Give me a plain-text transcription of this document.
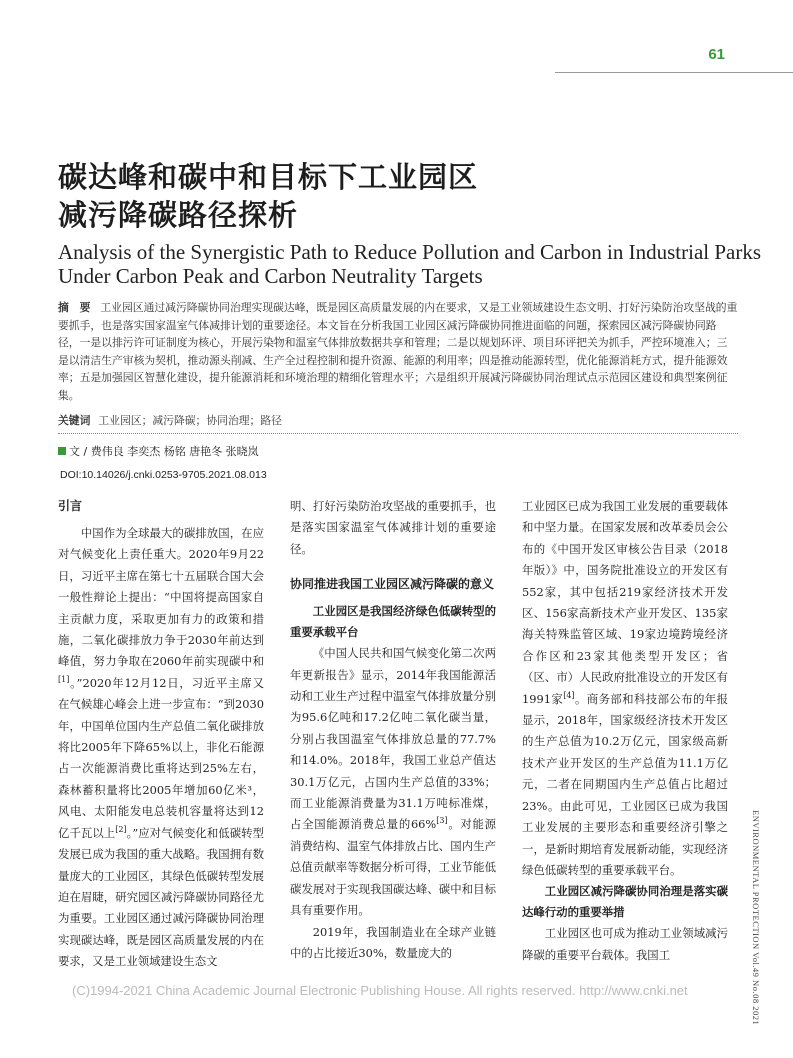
61
碳达峰和碳中和目标下工业园区
减污降碳路径探析
Analysis of the Synergistic Path to Reduce Pollution and Carbon in Industrial Parks
Under Carbon Peak and Carbon Neutrality Targets
摘　要 工业园区通过减污降碳协同治理实现碳达峰，既是园区高质量发展的内在要求，又是工业领域建设生态文明、打好污染防治攻坚战的重要抓手，也是落实国家温室气体减排计划的重要途径。本文旨在分析我国工业园区减污降碳协同推进面临的问题，探索园区减污降碳协同路径，一是以排污许可证制度为核心，开展污染物和温室气体排放数据共享和管理；二是以规划环评、项目环评把关为抓手，严控环境准入；三是以清洁生产审核为契机，推动源头削减、生产全过程控制和提升资源、能源的利用率；四是推动能源转型，优化能源消耗方式，提升能源效率；五是加强园区智慧化建设，提升能源消耗和环境治理的精细化管理水平；六是组织开展减污降碳协同治理试点示范园区建设和典型案例征集。
关键词 工业园区；减污降碳；协同治理；路径
文 / 费伟良 李奕杰 杨铭 唐艳冬 张晓岚
DOI:10.14026/j.cnki.0253-9705.2021.08.013
引言

中国作为全球最大的碳排放国，在应对气候变化上责任重大。2020年9月22日，习近平主席在第七十五届联合国大会一般性辩论上提出：“中国将提高国家自主贡献力度，采取更加有力的政策和措施，二氧化碳排放力争于2030年前达到峰值，努力争取在2060年前实现碳中和[1]。”2020年12月12日，习近平主席又在气候雄心峰会上进一步宣布：“到2030年，中国单位国内生产总值二氧化碳排放将比2005年下降65%以上，非化石能源占一次能源消费比重将达到25%左右，森林蓄积量将比2005年增加60亿米³，风电、太阳能发电总装机容量将达到12亿千瓦以上[2]。”应对气候变化和低碳转型发展已成为我国的重大战略。我国拥有数量庞大的工业园区，其绿色低碳转型发展迫在眉睫，研究园区减污降碳协同路径尤为重要。工业园区通过减污降碳协同治理实现碳达峰，既是园区高质量发展的内在要求，又是工业领域建设生态文

明、打好污染防治攻坚战的重要抓手，也是落实国家温室气体减排计划的重要途径。

协同推进我国工业园区减污降碳的意义

工业园区是我国经济绿色低碳转型的重要承载平台

《中国人民共和国气候变化第二次两年更新报告》显示，2014年我国能源活动和工业生产过程中温室气体排放量分别为95.6亿吨和17.2亿吨二氧化碳当量，分别占我国温室气体排放总量的77.7%和14.0%。2018年，我国工业总产值达30.1万亿元，占国内生产总值的33%；而工业能源消费量为31.1万吨标准煤，占全国能源消费总量的66%[3]。对能源消费结构、温室气体排放占比、国内生产总值贡献率等数据分析可得，工业节能低碳发展对于实现我国碳达峰、碳中和目标具有重要作用。

2019年，我国制造业在全球产业链中的占比接近30%，数量庞大的

工业园区已成为我国工业发展的重要载体和中坚力量。在国家发展和改革委员会公布的《中国开发区审核公告目录（2018年版）》中，国务院批准设立的开发区有552家，其中包括219家经济技术开发区、156家高新技术产业开发区、135家海关特殊监管区域、19家边境跨境经济合作区和23家其他类型开发区；省（区、市）人民政府批准设立的开发区有1991家[4]。商务部和科技部公布的年报显示，2018年，国家级经济技术开发区的生产总值为10.2万亿元，国家级高新技术产业开发区的生产总值为11.1万亿元，二者在同期国内生产总值占比超过23%。由此可见，工业园区已成为我国工业发展的主要形态和重要经济引擎之一，是新时期培育发展新动能，实现经济绿色低碳转型的重要承载平台。

工业园区减污降碳协同治理是落实碳达峰行动的重要举措

工业园区也可成为推动工业领域减污降碳的重要平台载体。我国工	ENVIRONMENTAL PROTECTION Vol.49 No.08 2021
(C)1994-2021 China Academic Journal Electronic Publishing House. All rights reserved. http://www.cnki.net
